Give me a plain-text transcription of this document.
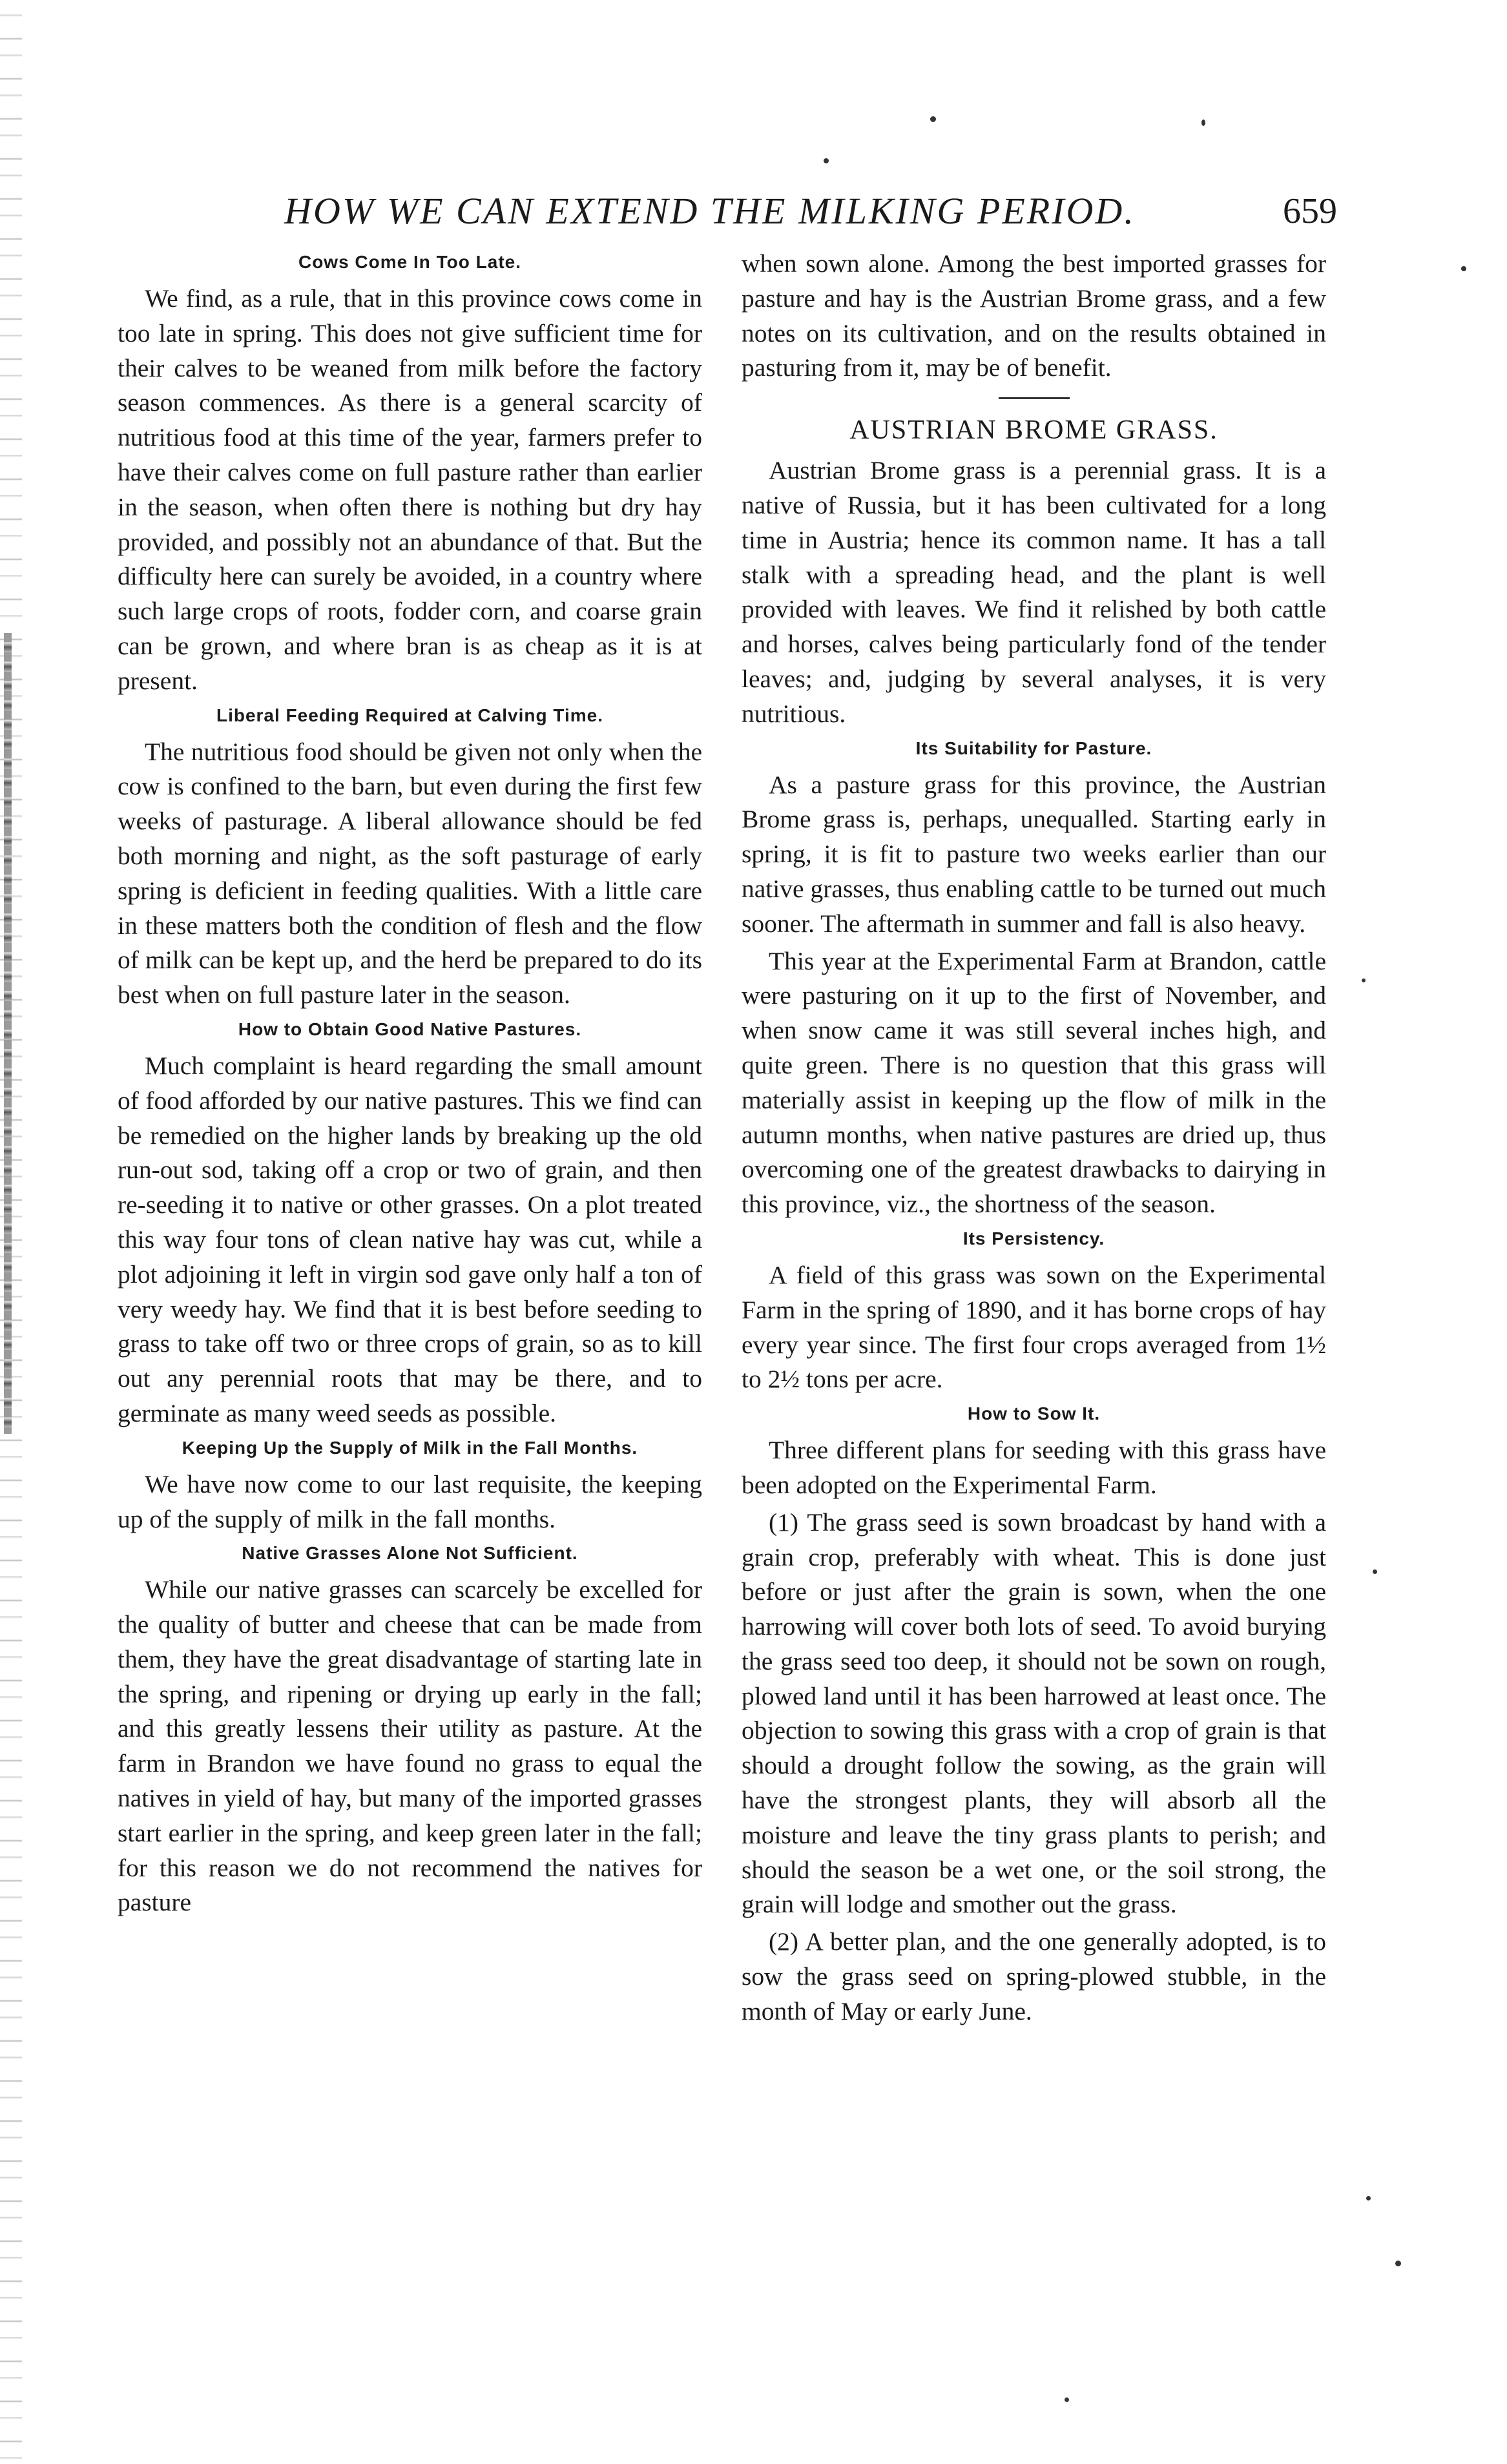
HOW WE CAN EXTEND THE MILKING PERIOD.	659
Cows Come In Too Late.

We find, as a rule, that in this province cows come in too late in spring. This does not give sufficient time for their calves to be weaned from milk before the factory season commences. As there is a general scarcity of nutritious food at this time of the year, farmers prefer to have their calves come on full pasture rather than earlier in the season, when often there is nothing but dry hay provided, and possibly not an abundance of that. But the difficulty here can surely be avoided, in a country where such large crops of roots, fodder corn, and coarse grain can be grown, and where bran is as cheap as it is at present.

Liberal Feeding Required at Calving Time.

The nutritious food should be given not only when the cow is confined to the barn, but even during the first few weeks of pasturage. A liberal allowance should be fed both morning and night, as the soft pasturage of early spring is deficient in feeding qualities. With a little care in these matters both the condition of flesh and the flow of milk can be kept up, and the herd be prepared to do its best when on full pasture later in the season.

How to Obtain Good Native Pastures.

Much complaint is heard regarding the small amount of food afforded by our native pastures. This we find can be remedied on the higher lands by breaking up the old run-out sod, taking off a crop or two of grain, and then re-seeding it to native or other grasses. On a plot treated this way four tons of clean native hay was cut, while a plot adjoining it left in virgin sod gave only half a ton of very weedy hay. We find that it is best before seeding to grass to take off two or three crops of grain, so as to kill out any perennial roots that may be there, and to germinate as many weed seeds as possible.

Keeping Up the Supply of Milk in the Fall Months.

We have now come to our last requisite, the keeping up of the supply of milk in the fall months.

Native Grasses Alone Not Sufficient.

While our native grasses can scarcely be excelled for the quality of butter and cheese that can be made from them, they have the great disadvantage of starting late in the spring, and ripening or drying up early in the fall; and this greatly lessens their utility as pasture. At the farm in Brandon we have found no grass to equal the natives in yield of hay, but many of the imported grasses start earlier in the spring, and keep green later in the fall; for this reason we do not recommend the natives for pasture

when sown alone. Among the best imported grasses for pasture and hay is the Austrian Brome grass, and a few notes on its cultivation, and on the results obtained in pasturing from it, may be of benefit.

AUSTRIAN BROME GRASS.

Austrian Brome grass is a perennial grass. It is a native of Russia, but it has been cultivated for a long time in Austria; hence its common name. It has a tall stalk with a spreading head, and the plant is well provided with leaves. We find it relished by both cattle and horses, calves being particularly fond of the tender leaves; and, judging by several analyses, it is very nutritious.

Its Suitability for Pasture.

As a pasture grass for this province, the Austrian Brome grass is, perhaps, unequalled. Starting early in spring, it is fit to pasture two weeks earlier than our native grasses, thus enabling cattle to be turned out much sooner. The aftermath in summer and fall is also heavy.

This year at the Experimental Farm at Brandon, cattle were pasturing on it up to the first of November, and when snow came it was still several inches high, and quite green. There is no question that this grass will materially assist in keeping up the flow of milk in the autumn months, when native pastures are dried up, thus overcoming one of the greatest drawbacks to dairying in this province, viz., the shortness of the season.

Its Persistency.

A field of this grass was sown on the Experimental Farm in the spring of 1890, and it has borne crops of hay every year since. The first four crops averaged from 1½ to 2½ tons per acre.

How to Sow It.

Three different plans for seeding with this grass have been adopted on the Experimental Farm.

(1) The grass seed is sown broadcast by hand with a grain crop, preferably with wheat. This is done just before or just after the grain is sown, when the one harrowing will cover both lots of seed. To avoid burying the grass seed too deep, it should not be sown on rough, plowed land until it has been harrowed at least once. The objection to sowing this grass with a crop of grain is that should a drought follow the sowing, as the grain will have the strongest plants, they will absorb all the moisture and leave the tiny grass plants to perish; and should the season be a wet one, or the soil strong, the grain will lodge and smother out the grass.

(2) A better plan, and the one generally adopted, is to sow the grass seed on spring-plowed stubble, in the month of May or early June.
